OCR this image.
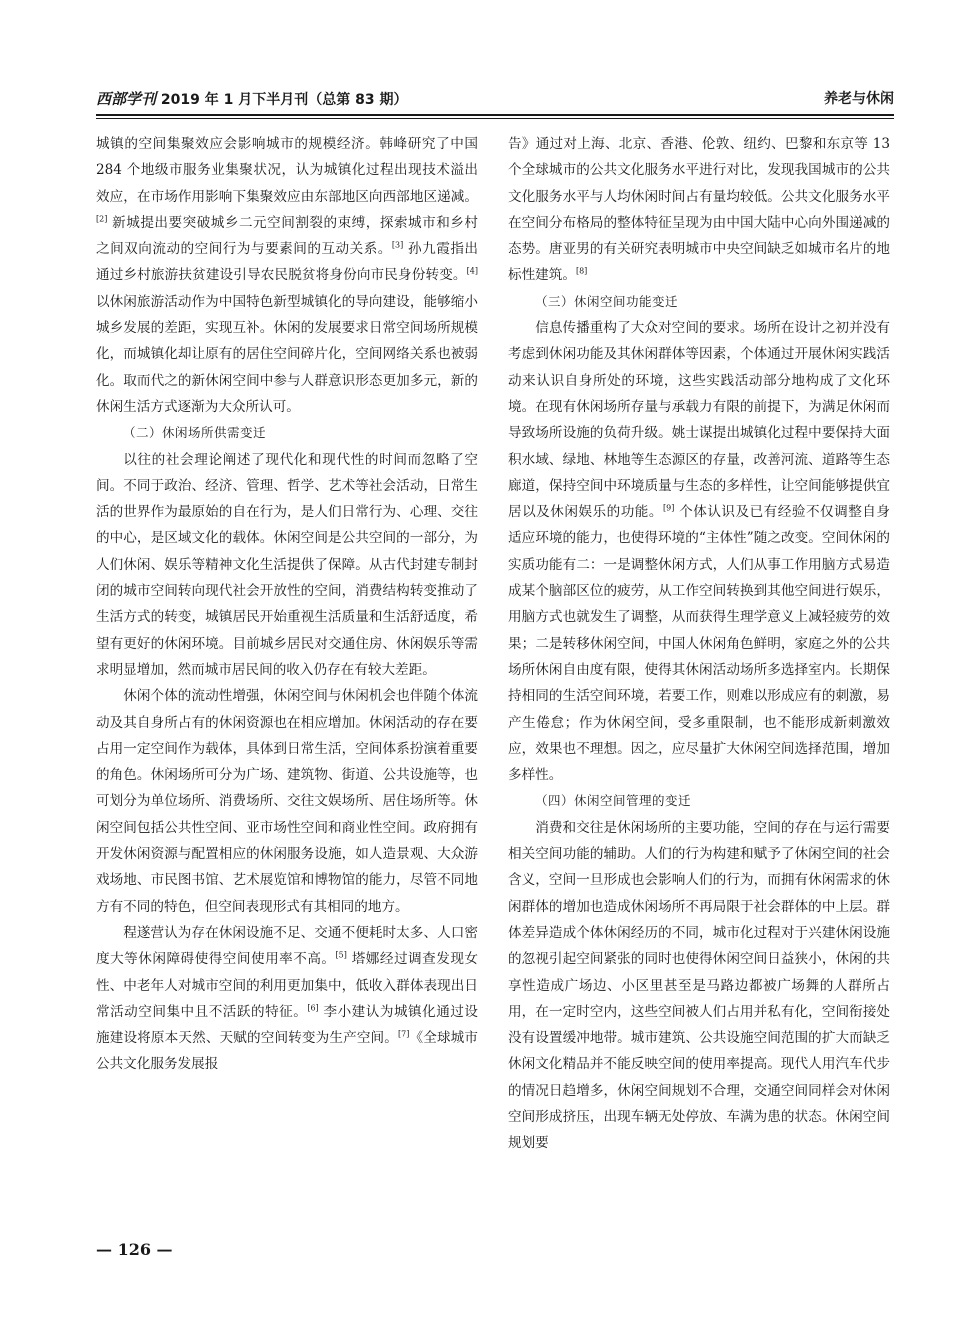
西部学刊 2019 年 1 月下半月刊（总第 83 期）	养老与休闲

城镇的空间集聚效应会影响城市的规模经济。韩峰研究了中国 284 个地级市服务业集聚状况，认为城镇化过程出现技术溢出效应，在市场作用影响下集聚效应由东部地区向西部地区递减。[2] 新城提出要突破城乡二元空间割裂的束缚，探索城市和乡村之间双向流动的空间行为与要素间的互动关系。[3] 孙九霞指出通过乡村旅游扶贫建设引导农民脱贫将身份向市民身份转变。[4] 以休闲旅游活动作为中国特色新型城镇化的导向建设，能够缩小城乡发展的差距，实现互补。休闲的发展要求日常空间场所规模化，而城镇化却让原有的居住空间碎片化，空间网络关系也被弱化。取而代之的新休闲空间中参与人群意识形态更加多元，新的休闲生活方式逐渐为大众所认可。

（二）休闲场所供需变迁

以往的社会理论阐述了现代化和现代性的时间而忽略了空间。不同于政治、经济、管理、哲学、艺术等社会活动，日常生活的世界作为最原始的自在行为，是人们日常行为、心理、交往的中心，是区域文化的载体。休闲空间是公共空间的一部分，为人们休闲、娱乐等精神文化生活提供了保障。从古代封建专制封闭的城市空间转向现代社会开放性的空间，消费结构转变推动了生活方式的转变，城镇居民开始重视生活质量和生活舒适度，希望有更好的休闲环境。目前城乡居民对交通住房、休闲娱乐等需求明显增加，然而城市居民间的收入仍存在有较大差距。

休闲个体的流动性增强，休闲空间与休闲机会也伴随个体流动及其自身所占有的休闲资源也在相应增加。休闲活动的存在要占用一定空间作为载体，具体到日常生活，空间体系扮演着重要的角色。休闲场所可分为广场、建筑物、街道、公共设施等，也可划分为单位场所、消费场所、交往文娱场所、居住场所等。休闲空间包括公共性空间、亚市场性空间和商业性空间。政府拥有开发休闲资源与配置相应的休闲服务设施，如人造景观、大众游戏场地、市民图书馆、艺术展览馆和博物馆的能力，尽管不同地方有不同的特色，但空间表现形式有其相同的地方。

程遂营认为存在休闲设施不足、交通不便耗时太多、人口密度大等休闲障碍使得空间使用率不高。[5] 塔娜经过调查发现女性、中老年人对城市空间的利用更加集中，低收入群体表现出日常活动空间集中且不活跃的特征。[6] 李小建认为城镇化通过设施建设将原本天然、天赋的空间转变为生产空间。[7]《全球城市公共文化服务发展报

告》通过对上海、北京、香港、伦敦、纽约、巴黎和东京等 13 个全球城市的公共文化服务水平进行对比，发现我国城市的公共文化服务水平与人均休闲时间占有量均较低。公共文化服务水平在空间分布格局的整体特征呈现为由中国大陆中心向外围递减的态势。唐亚男的有关研究表明城市中央空间缺乏如城市名片的地标性建筑。[8]

（三）休闲空间功能变迁

信息传播重构了大众对空间的要求。场所在设计之初并没有考虑到休闲功能及其休闲群体等因素，个体通过开展休闲实践活动来认识自身所处的环境，这些实践活动部分地构成了文化环境。在现有休闲场所存量与承载力有限的前提下，为满足休闲而导致场所设施的负荷升级。姚士谋提出城镇化过程中要保持大面积水域、绿地、林地等生态源区的存量，改善河流、道路等生态廊道，保持空间中环境质量与生态的多样性，让空间能够提供宜居以及休闲娱乐的功能。[9] 个体认识及已有经验不仅调整自身适应环境的能力，也使得环境的“主体性”随之改变。空间休闲的实质功能有二：一是调整休闲方式，人们从事工作用脑方式易造成某个脑部区位的疲劳，从工作空间转换到其他空间进行娱乐，用脑方式也就发生了调整，从而获得生理学意义上减轻疲劳的效果；二是转移休闲空间，中国人休闲角色鲜明，家庭之外的公共场所休闲自由度有限，使得其休闲活动场所多选择室内。长期保持相同的生活空间环境，若要工作，则难以形成应有的刺激，易产生倦怠；作为休闲空间，受多重限制，也不能形成新刺激效应，效果也不理想。因之，应尽量扩大休闲空间选择范围，增加多样性。

（四）休闲空间管理的变迁

消费和交往是休闲场所的主要功能，空间的存在与运行需要相关空间功能的辅助。人们的行为构建和赋予了休闲空间的社会含义，空间一旦形成也会影响人们的行为，而拥有休闲需求的休闲群体的增加也造成休闲场所不再局限于社会群体的中上层。群体差异造成个体休闲经历的不同，城市化过程对于兴建休闲设施的忽视引起空间紧张的同时也使得休闲空间日益狭小，休闲的共享性造成广场边、小区里甚至是马路边都被广场舞的人群所占用，在一定时空内，这些空间被人们占用并私有化，空间衔接处没有设置缓冲地带。城市建筑、公共设施空间范围的扩大而缺乏休闲文化精品并不能反映空间的使用率提高。现代人用汽车代步的情况日趋增多，休闲空间规划不合理，交通空间同样会对休闲空间形成挤压，出现车辆无处停放、车满为患的状态。休闲空间规划要

— 126 —
